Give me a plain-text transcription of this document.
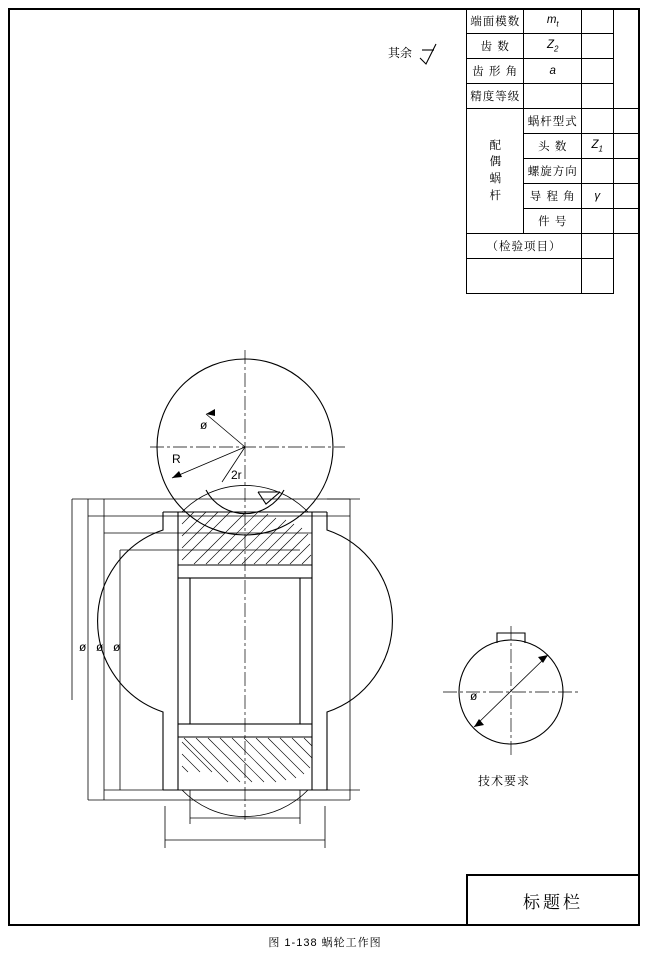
端面模数	$m_t$	
齿 数	$Z_2$	
齿 形 角	a		
精度等级			

配
偶
蜗
杆	蜗杆型式		
	头 数	$Z_1$	
	螺旋方向		
	导 程 角	γ	
	件 号		
（检验项目）			

其余
技术要求
标题栏
图 1-138 蜗轮工作图
ø
R
2r
ø ø ø
ø
